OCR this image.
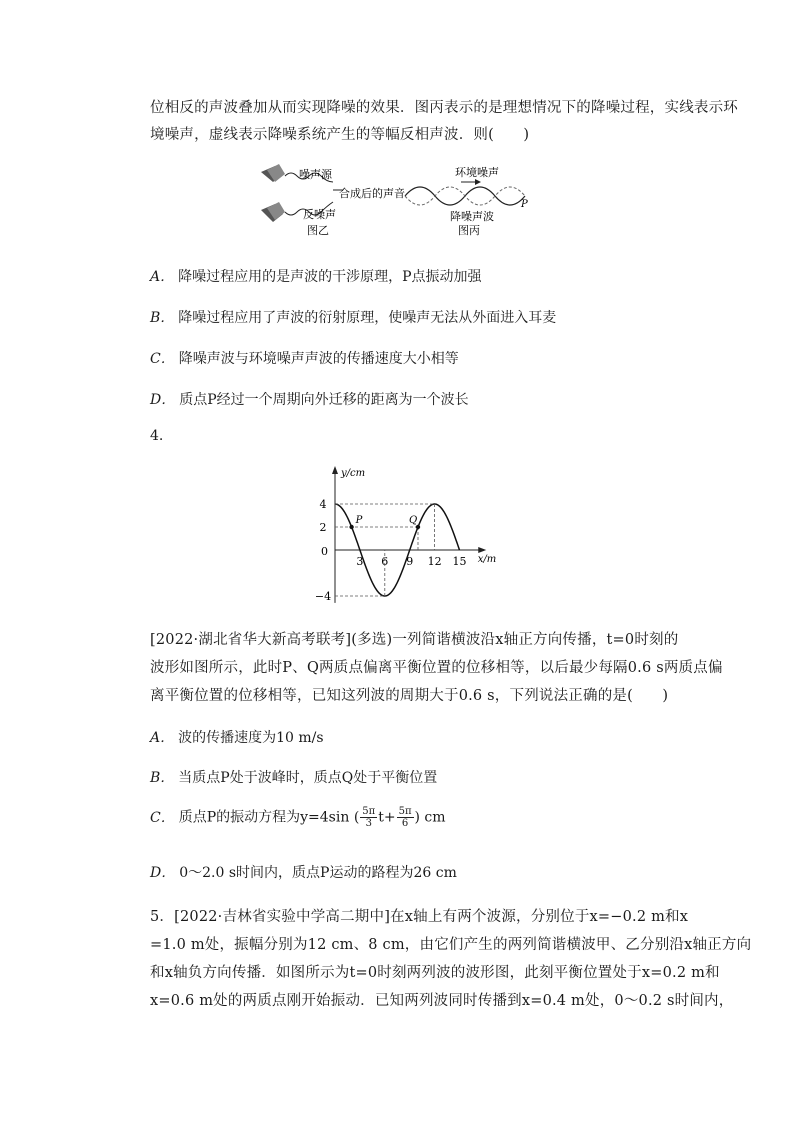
位相反的声波叠加从而实现降噪的效果．图丙表示的是理想情况下的降噪过程，实线表示环
境噪声，虚线表示降噪系统产生的等幅反相声波．则(　　)
噪声源
合成后的声音
反噪声
图乙
环境噪声
降噪声波
P
图丙
A． 降噪过程应用的是声波的干涉原理，P点振动加强
B． 降噪过程应用了声波的衍射原理，使噪声无法从外面进入耳麦
C． 降噪声波与环境噪声声波的传播速度大小相等
D． 质点P经过一个周期向外迁移的距离为一个波长
4.
y/cm
x/m
0
4
2
−4
3 6 9 12 15
P	Q
[2022·湖北省华大新高考联考](多选)一列简谐横波沿x轴正方向传播，t=0时刻的
波形如图所示，此时P、Q两质点偏离平衡位置的位移相等，以后最少每隔0.6 s两质点偏
离平衡位置的位移相等，已知这列波的周期大于0.6 s，下列说法正确的是(　　)
A． 波的传播速度为10 m/s
B． 当质点P处于波峰时，质点Q处于平衡位置
C． 质点P的振动方程为y=4sin ( $\frac{5\pi}{3} t+ \frac{5\pi}{6}$ ) cm
D． 0～2.0 s时间内，质点P运动的路程为26 cm
5．[2022·吉林省实验中学高二期中]在x轴上有两个波源，分别位于x=−0.2 m和x
=1.0 m处，振幅分别为12 cm、8 cm，由它们产生的两列简谐横波甲、乙分别沿x轴正方向
和x轴负方向传播．如图所示为t=0时刻两列波的波形图，此刻平衡位置处于x=0.2 m和
x=0.6 m处的两质点刚开始振动．已知两列波同时传播到x=0.4 m处，0～0.2 s时间内，
